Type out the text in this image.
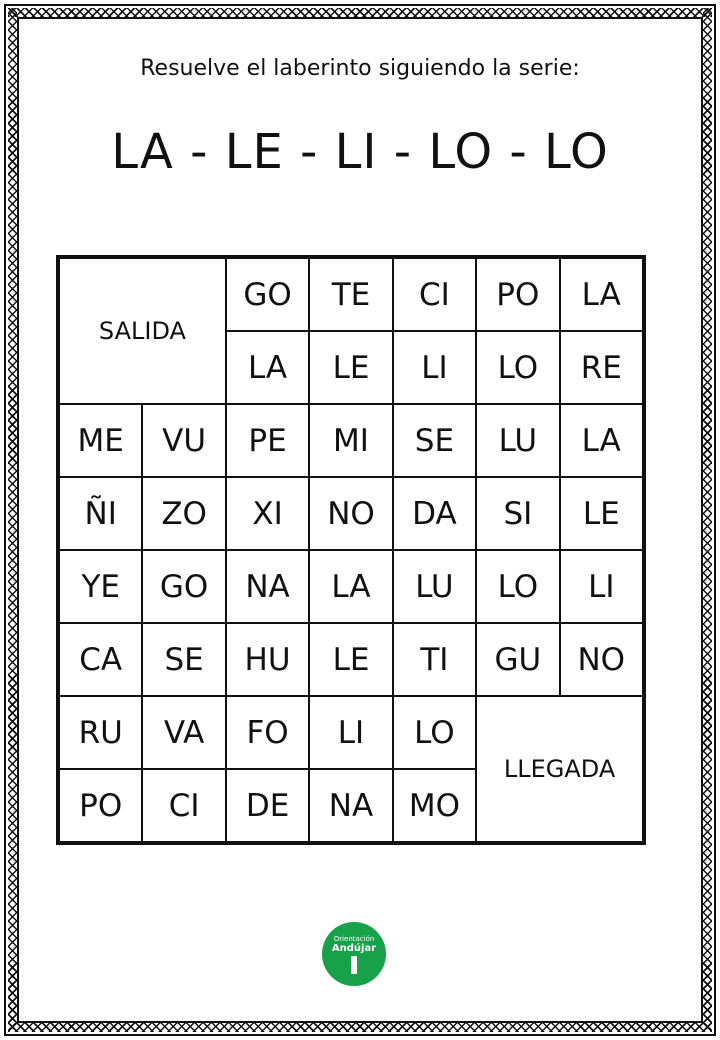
Resuelve el laberinto siguiendo la serie:
LA - LE - LI - LO - LO
SALIDA
GO	TE	CI	PO	LA
LA	LE	LI	LO	RE
ME	VU	PE	MI	SE	LU	LA
ÑI	ZO	XI	NO	DA	SI	LE
YE	GO	NA	LA	LU	LO	LI
CA	SE	HU	LE	TI	GU	NO
RU	VA	FO	LI	LO
LLEGADA
PO	CI	DE	NA	MO
Orientación
Andújar
